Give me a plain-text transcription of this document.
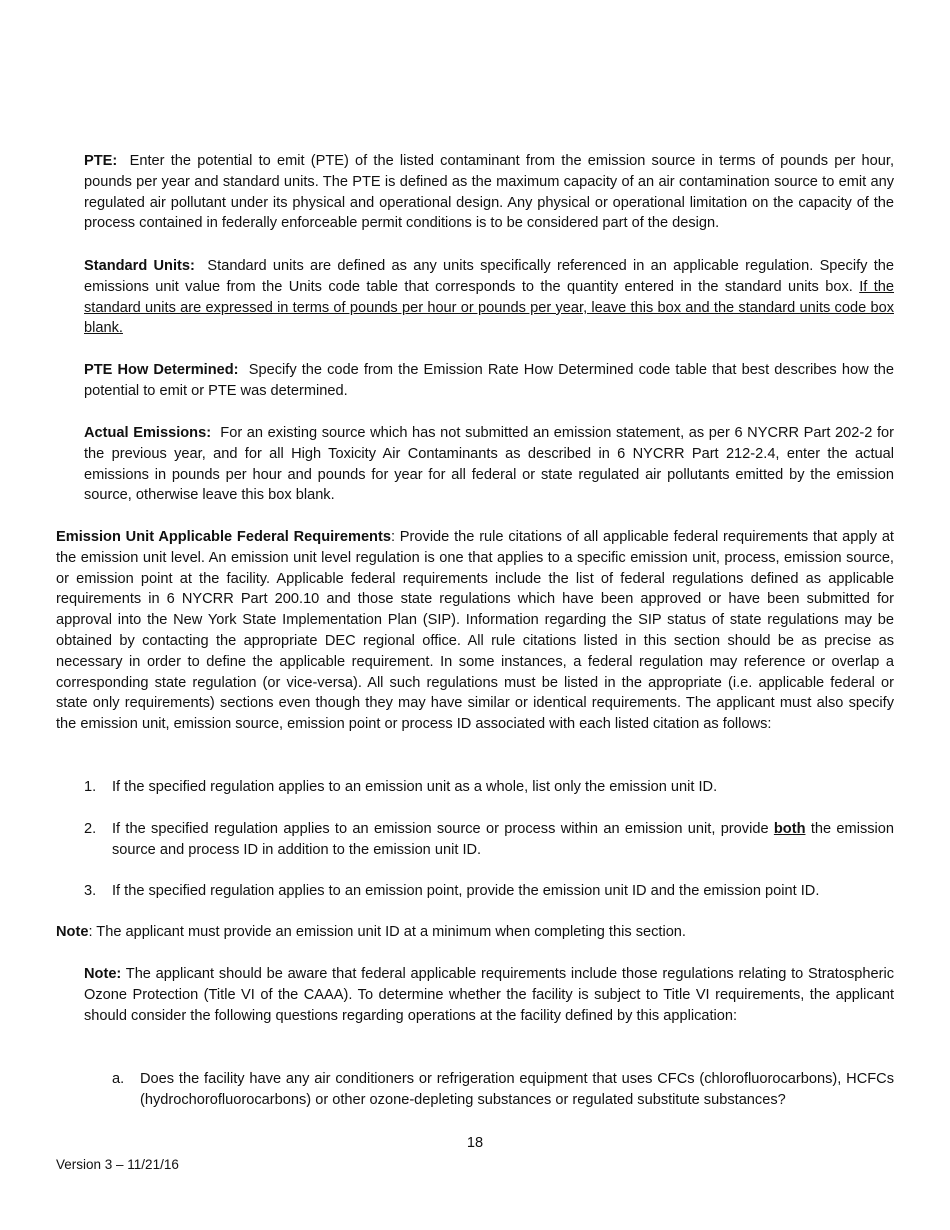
PTE: Enter the potential to emit (PTE) of the listed contaminant from the emission source in terms of pounds per hour, pounds per year and standard units. The PTE is defined as the maximum capacity of an air contamination source to emit any regulated air pollutant under its physical and operational design. Any physical or operational limitation on the capacity of the process contained in federally enforceable permit conditions is to be considered part of the design.

Standard Units: Standard units are defined as any units specifically referenced in an applicable regulation. Specify the emissions unit value from the Units code table that corresponds to the quantity entered in the standard units box. If the standard units are expressed in terms of pounds per hour or pounds per year, leave this box and the standard units code box blank.

PTE How Determined: Specify the code from the Emission Rate How Determined code table that best describes how the potential to emit or PTE was determined.

Actual Emissions: For an existing source which has not submitted an emission statement, as per 6 NYCRR Part 202-2 for the previous year, and for all High Toxicity Air Contaminants as described in 6 NYCRR Part 212-2.4, enter the actual emissions in pounds per hour and pounds for year for all federal or state regulated air pollutants emitted by the emission source, otherwise leave this box blank.

Emission Unit Applicable Federal Requirements: Provide the rule citations of all applicable federal requirements that apply at the emission unit level. An emission unit level regulation is one that applies to a specific emission unit, process, emission source, or emission point at the facility. Applicable federal requirements include the list of federal regulations defined as applicable requirements in 6 NYCRR Part 200.10 and those state regulations which have been approved or have been submitted for approval into the New York State Implementation Plan (SIP). Information regarding the SIP status of state regulations may be obtained by contacting the appropriate DEC regional office. All rule citations listed in this section should be as precise as necessary in order to define the applicable requirement. In some instances, a federal regulation may reference or overlap a corresponding state regulation (or vice-versa). All such regulations must be listed in the appropriate (i.e. applicable federal or state only requirements) sections even though they may have similar or identical requirements. The applicant must also specify the emission unit, emission source, emission point or process ID associated with each listed citation as follows:

1. If the specified regulation applies to an emission unit as a whole, list only the emission unit ID.
2. If the specified regulation applies to an emission source or process within an emission unit, provide both the emission source and process ID in addition to the emission unit ID.
3. If the specified regulation applies to an emission point, provide the emission unit ID and the emission point ID.

Note: The applicant must provide an emission unit ID at a minimum when completing this section.

Note: The applicant should be aware that federal applicable requirements include those regulations relating to Stratospheric Ozone Protection (Title VI of the CAAA). To determine whether the facility is subject to Title VI requirements, the applicant should consider the following questions regarding operations at the facility defined by this application:

a. Does the facility have any air conditioners or refrigeration equipment that uses CFCs (chlorofluorocarbons), HCFCs (hydrochorofluorocarbons) or other ozone-depleting substances or regulated substitute substances?
18
Version 3 – 11/21/16
